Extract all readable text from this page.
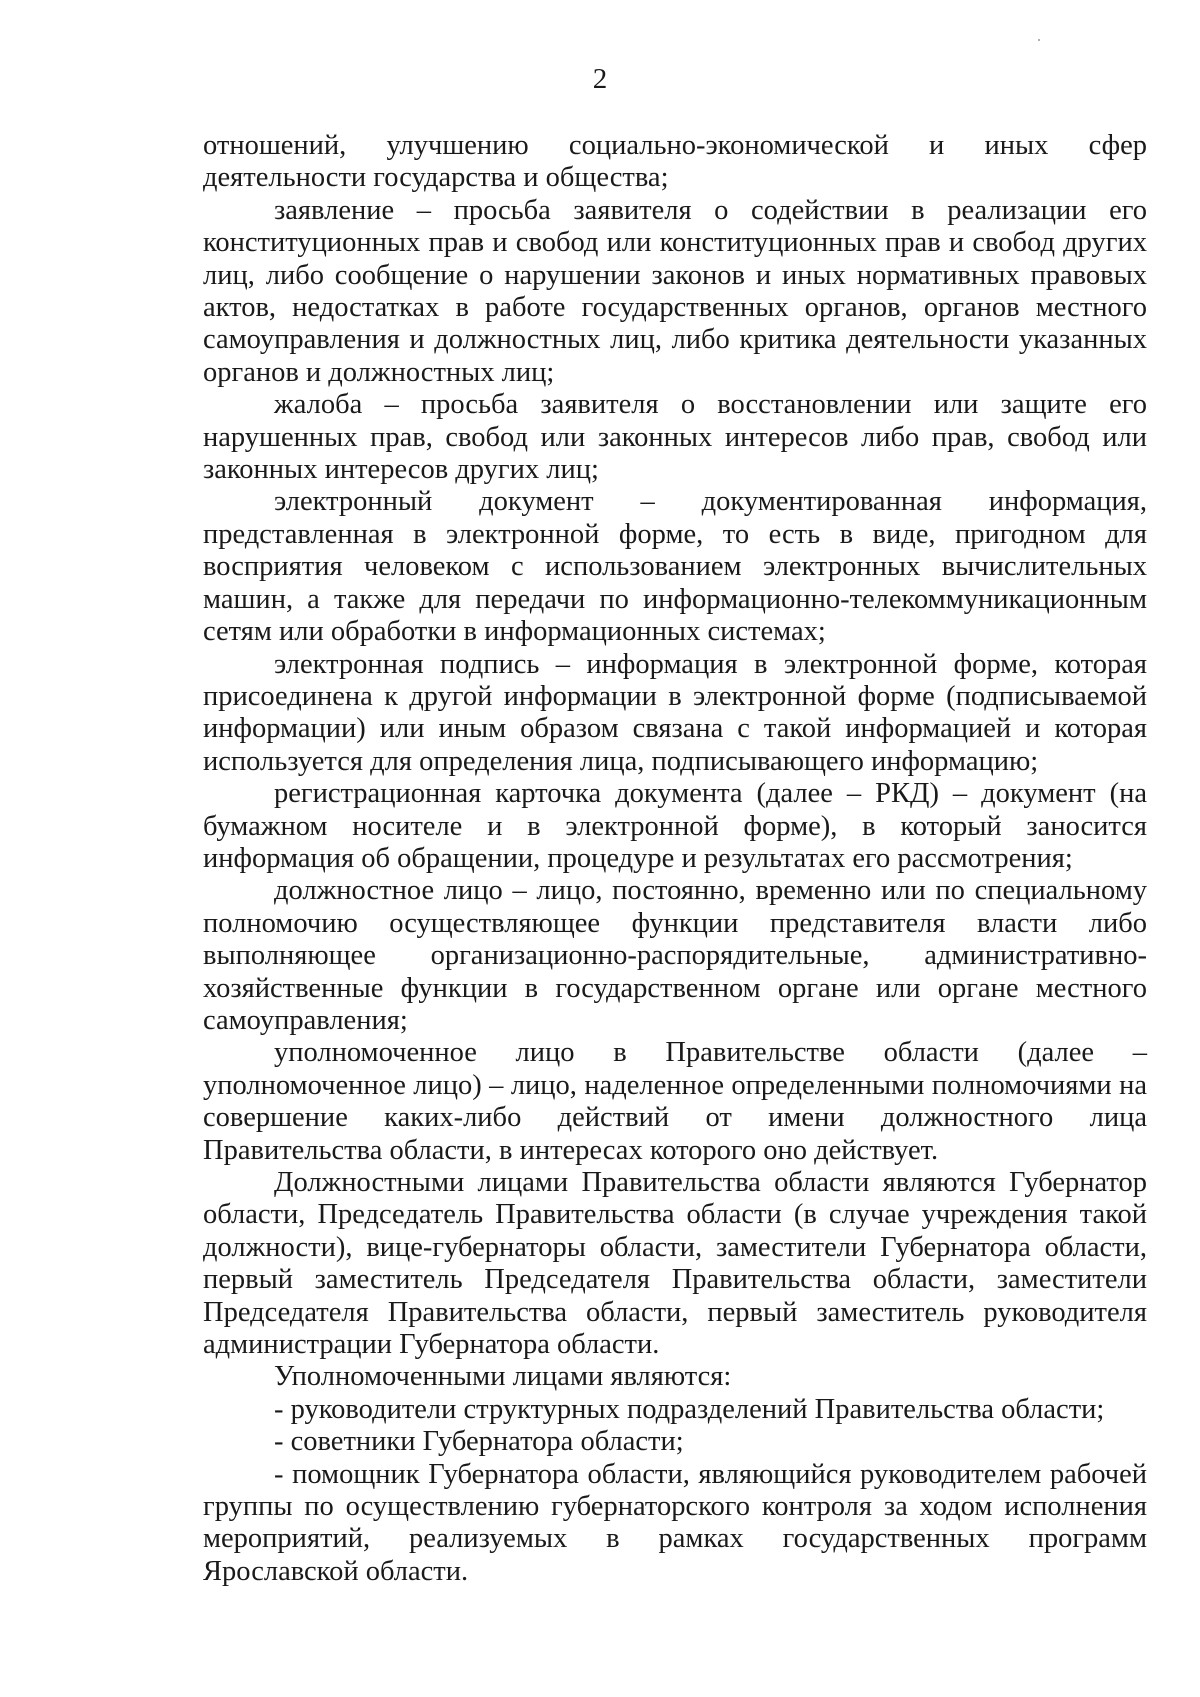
2

отношений, улучшению социально-экономической и иных сфер деятельности государства и общества;

заявление – просьба заявителя о содействии в реализации его конституционных прав и свобод или конституционных прав и свобод других лиц, либо сообщение о нарушении законов и иных нормативных правовых актов, недостатках в работе государственных органов, органов местного самоуправления и должностных лиц, либо критика деятельности указанных органов и должностных лиц;

жалоба – просьба заявителя о восстановлении или защите его нарушенных прав, свобод или законных интересов либо прав, свобод или законных интересов других лиц;

электронный документ – документированная информация, представленная в электронной форме, то есть в виде, пригодном для восприятия человеком с использованием электронных вычислительных машин, а также для передачи по информационно-телекоммуникационным сетям или обработки в информационных системах;

электронная подпись – информация в электронной форме, которая присоединена к другой информации в электронной форме (подписываемой информации) или иным образом связана с такой информацией и которая используется для определения лица, подписывающего информацию;

регистрационная карточка документа (далее – РКД) – документ (на бумажном носителе и в электронной форме), в который заносится информация об обращении, процедуре и результатах его рассмотрения;

должностное лицо – лицо, постоянно, временно или по специальному полномочию осуществляющее функции представителя власти либо выполняющее организационно-распорядительные, административно-хозяйственные функции в государственном органе или органе местного самоуправления;

уполномоченное лицо в Правительстве области (далее – уполномоченное лицо) – лицо, наделенное определенными полномочиями на совершение каких-либо действий от имени должностного лица Правительства области, в интересах которого оно действует.

Должностными лицами Правительства области являются Губернатор области, Председатель Правительства области (в случае учреждения такой должности), вице-губернаторы области, заместители Губернатора области, первый заместитель Председателя Правительства области, заместители Председателя Правительства области, первый заместитель руководителя администрации Губернатора области.

Уполномоченными лицами являются:

- руководители структурных подразделений Правительства области;

- советники Губернатора области;

- помощник Губернатора области, являющийся руководителем рабочей группы по осуществлению губернаторского контроля за ходом исполнения мероприятий, реализуемых в рамках государственных программ Ярославской области.
